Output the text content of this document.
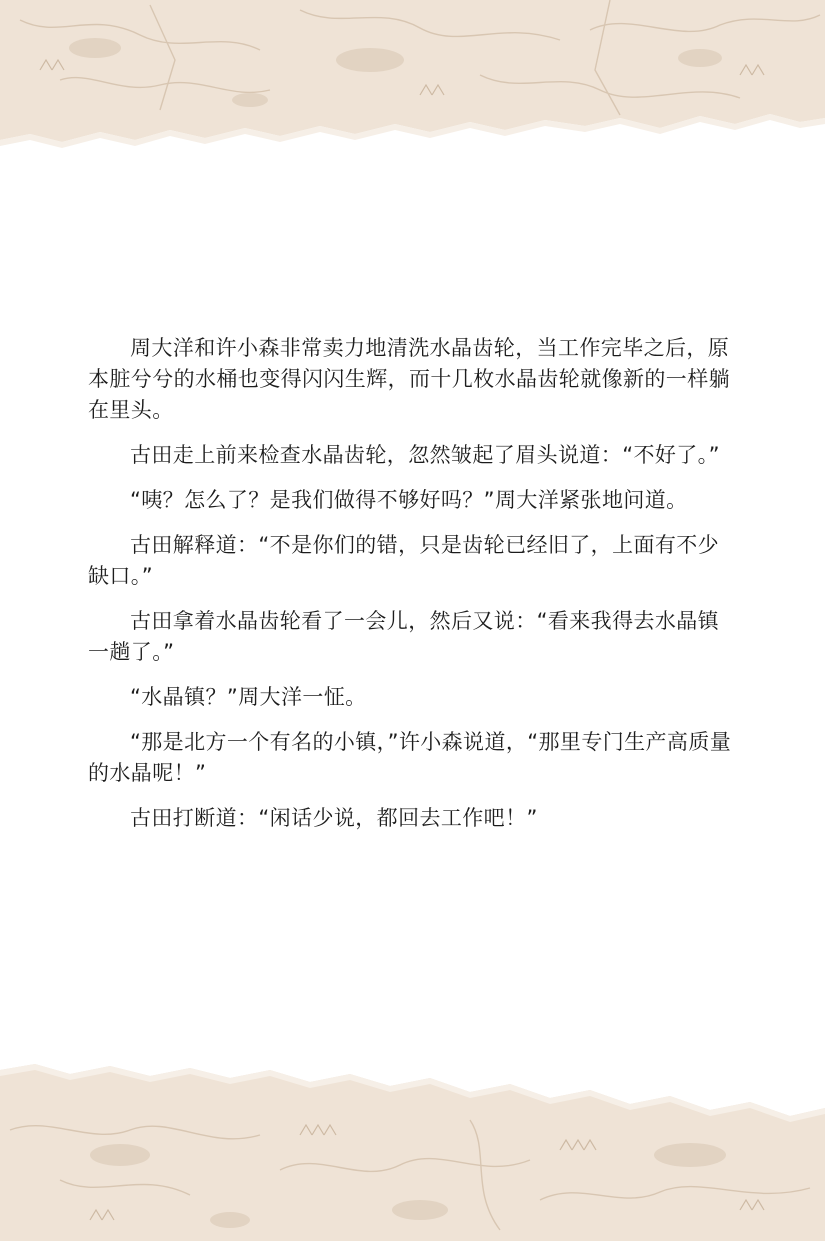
周大洋和许小森非常卖力地清洗水晶齿轮，当工作完毕之后，原本脏兮兮的水桶也变得闪闪生辉，而十几枚水晶齿轮就像新的一样躺在里头。

古田走上前来检查水晶齿轮，忽然皱起了眉头说道：“不好了。”

“咦？怎么了？是我们做得不够好吗？”周大洋紧张地问道。

古田解释道：“不是你们的错，只是齿轮已经旧了，上面有不少缺口。”

古田拿着水晶齿轮看了一会儿，然后又说：“看来我得去水晶镇一趟了。”

“水晶镇？”周大洋一怔。

“那是北方一个有名的小镇，”许小森说道，“那里专门生产高质量的水晶呢！”

古田打断道：“闲话少说，都回去工作吧！”
